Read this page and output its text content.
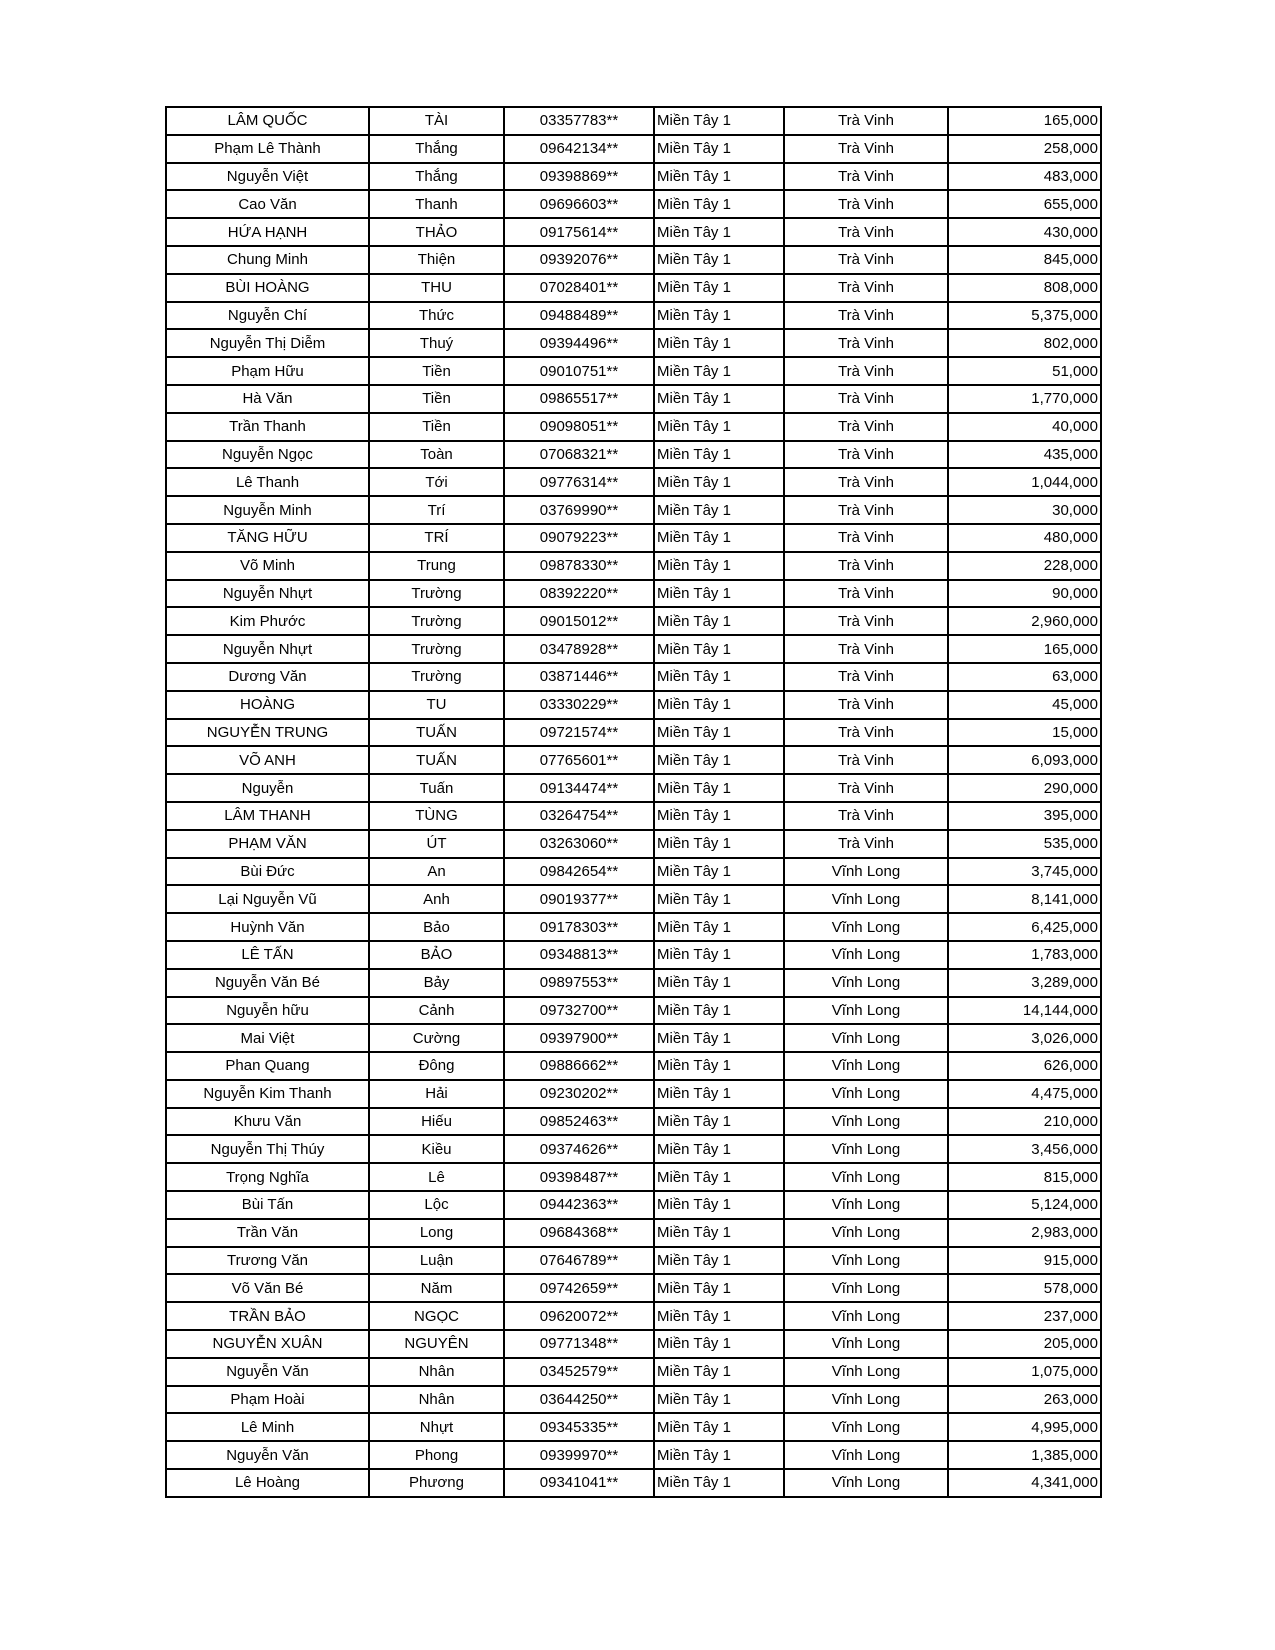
LÂM QUỐC	TÀI	03357783**	Miền Tây 1	Trà Vinh	165,000
Phạm Lê Thành	Thắng	09642134**	Miền Tây 1	Trà Vinh	258,000
Nguyễn Việt	Thắng	09398869**	Miền Tây 1	Trà Vinh	483,000
Cao Văn	Thanh	09696603**	Miền Tây 1	Trà Vinh	655,000
HỨA HẠNH	THẢO	09175614**	Miền Tây 1	Trà Vinh	430,000
Chung Minh	Thiện	09392076**	Miền Tây 1	Trà Vinh	845,000
BÙI HOÀNG	THU	07028401**	Miền Tây 1	Trà Vinh	808,000
Nguyễn Chí	Thức	09488489**	Miền Tây 1	Trà Vinh	5,375,000
Nguyễn Thị Diễm	Thuý	09394496**	Miền Tây 1	Trà Vinh	802,000
Phạm Hữu	Tiền	09010751**	Miền Tây 1	Trà Vinh	51,000
Hà Văn	Tiền	09865517**	Miền Tây 1	Trà Vinh	1,770,000
Trần Thanh	Tiền	09098051**	Miền Tây 1	Trà Vinh	40,000
Nguyễn Ngọc	Toàn	07068321**	Miền Tây 1	Trà Vinh	435,000
Lê Thanh	Tới	09776314**	Miền Tây 1	Trà Vinh	1,044,000
Nguyễn Minh	Trí	03769990**	Miền Tây 1	Trà Vinh	30,000
TĂNG HỮU	TRÍ	09079223**	Miền Tây 1	Trà Vinh	480,000
Võ Minh	Trung	09878330**	Miền Tây 1	Trà Vinh	228,000
Nguyễn Nhựt	Trường	08392220**	Miền Tây 1	Trà Vinh	90,000
Kim Phước	Trường	09015012**	Miền Tây 1	Trà Vinh	2,960,000
Nguyễn Nhựt	Trường	03478928**	Miền Tây 1	Trà Vinh	165,000
Dương Văn	Trường	03871446**	Miền Tây 1	Trà Vinh	63,000
HOÀNG	TU	03330229**	Miền Tây 1	Trà Vinh	45,000
NGUYỄN TRUNG	TUẤN	09721574**	Miền Tây 1	Trà Vinh	15,000
VÕ ANH	TUẤN	07765601**	Miền Tây 1	Trà Vinh	6,093,000
Nguyễn	Tuấn	09134474**	Miền Tây 1	Trà Vinh	290,000
LÂM THANH	TÙNG	03264754**	Miền Tây 1	Trà Vinh	395,000
PHẠM VĂN	ÚT	03263060**	Miền Tây 1	Trà Vinh	535,000
Bùi Đức	An	09842654**	Miền Tây 1	Vĩnh Long	3,745,000
Lại Nguyễn Vũ	Anh	09019377**	Miền Tây 1	Vĩnh Long	8,141,000
Huỳnh Văn	Bảo	09178303**	Miền Tây 1	Vĩnh Long	6,425,000
LÊ TẤN	BẢO	09348813**	Miền Tây 1	Vĩnh Long	1,783,000
Nguyễn Văn Bé	Bảy	09897553**	Miền Tây 1	Vĩnh Long	3,289,000
Nguyễn hữu	Cảnh	09732700**	Miền Tây 1	Vĩnh Long	14,144,000
Mai Việt	Cường	09397900**	Miền Tây 1	Vĩnh Long	3,026,000
Phan Quang	Đông	09886662**	Miền Tây 1	Vĩnh Long	626,000
Nguyễn Kim Thanh	Hải	09230202**	Miền Tây 1	Vĩnh Long	4,475,000
Khưu Văn	Hiếu	09852463**	Miền Tây 1	Vĩnh Long	210,000
Nguyễn Thị Thúy	Kiều	09374626**	Miền Tây 1	Vĩnh Long	3,456,000
Trọng Nghĩa	Lê	09398487**	Miền Tây 1	Vĩnh Long	815,000
Bùi Tấn	Lộc	09442363**	Miền Tây 1	Vĩnh Long	5,124,000
Trần Văn	Long	09684368**	Miền Tây 1	Vĩnh Long	2,983,000
Trương Văn	Luận	07646789**	Miền Tây 1	Vĩnh Long	915,000
Võ Văn Bé	Năm	09742659**	Miền Tây 1	Vĩnh Long	578,000
TRẦN BẢO	NGỌC	09620072**	Miền Tây 1	Vĩnh Long	237,000
NGUYỄN XUÂN	NGUYÊN	09771348**	Miền Tây 1	Vĩnh Long	205,000
Nguyễn Văn	Nhân	03452579**	Miền Tây 1	Vĩnh Long	1,075,000
Phạm Hoài	Nhân	03644250**	Miền Tây 1	Vĩnh Long	263,000
Lê Minh	Nhựt	09345335**	Miền Tây 1	Vĩnh Long	4,995,000
Nguyễn Văn	Phong	09399970**	Miền Tây 1	Vĩnh Long	1,385,000
Lê Hoàng	Phương	09341041**	Miền Tây 1	Vĩnh Long	4,341,000
